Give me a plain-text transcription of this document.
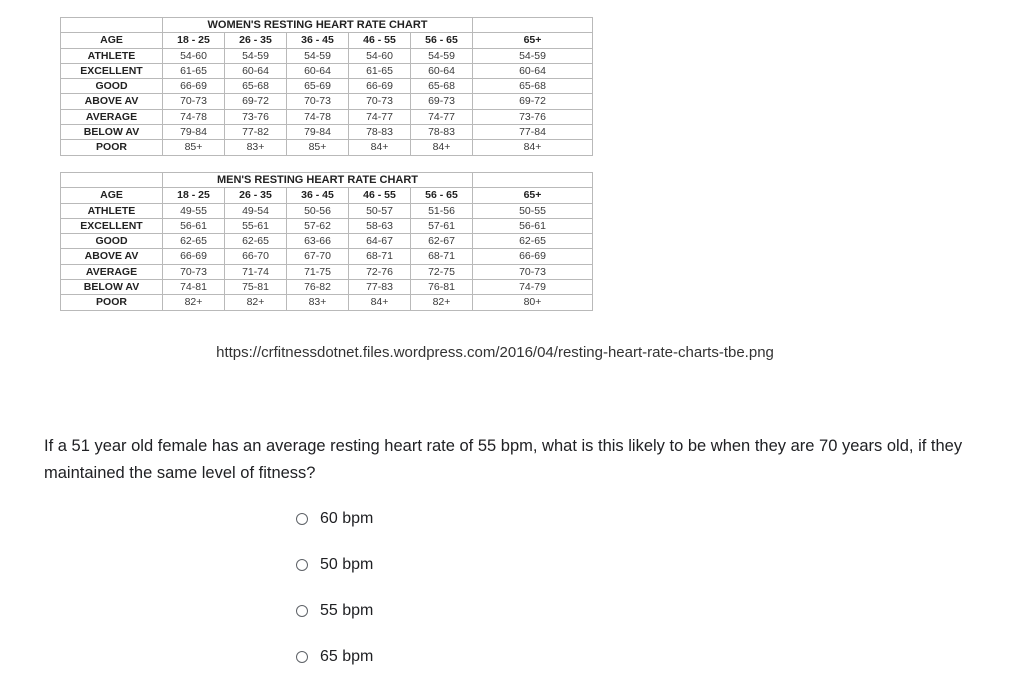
	WOMEN'S RESTING HEART RATE CHART					
AGE	18 - 25	26 - 35	36 - 45	46 - 55	56 - 65	65+
ATHLETE	54-60	54-59	54-59	54-60	54-59	54-59
EXCELLENT	61-65	60-64	60-64	61-65	60-64	60-64
GOOD	66-69	65-68	65-69	66-69	65-68	65-68
ABOVE AV	70-73	69-72	70-73	70-73	69-73	69-72
AVERAGE	74-78	73-76	74-78	74-77	74-77	73-76
BELOW AV	79-84	77-82	79-84	78-83	78-83	77-84
POOR	85+	83+	85+	84+	84+	84+
	MEN'S RESTING HEART RATE CHART					
AGE	18 - 25	26 - 35	36 - 45	46 - 55	56 - 65	65+
ATHLETE	49-55	49-54	50-56	50-57	51-56	50-55
EXCELLENT	56-61	55-61	57-62	58-63	57-61	56-61
GOOD	62-65	62-65	63-66	64-67	62-67	62-65
ABOVE AV	66-69	66-70	67-70	68-71	68-71	66-69
AVERAGE	70-73	71-74	71-75	72-76	72-75	70-73
BELOW AV	74-81	75-81	76-82	77-83	76-81	74-79
POOR	82+	82+	83+	84+	82+	80+
https://crfitnessdotnet.files.wordpress.com/2016/04/resting-heart-rate-charts-tbe.png

If a 51 year old female has an average resting heart rate of 55 bpm, what is this likely to be when they are 70 years old, if they maintained the same level of fitness?

60 bpm
50 bpm
55 bpm
65 bpm
